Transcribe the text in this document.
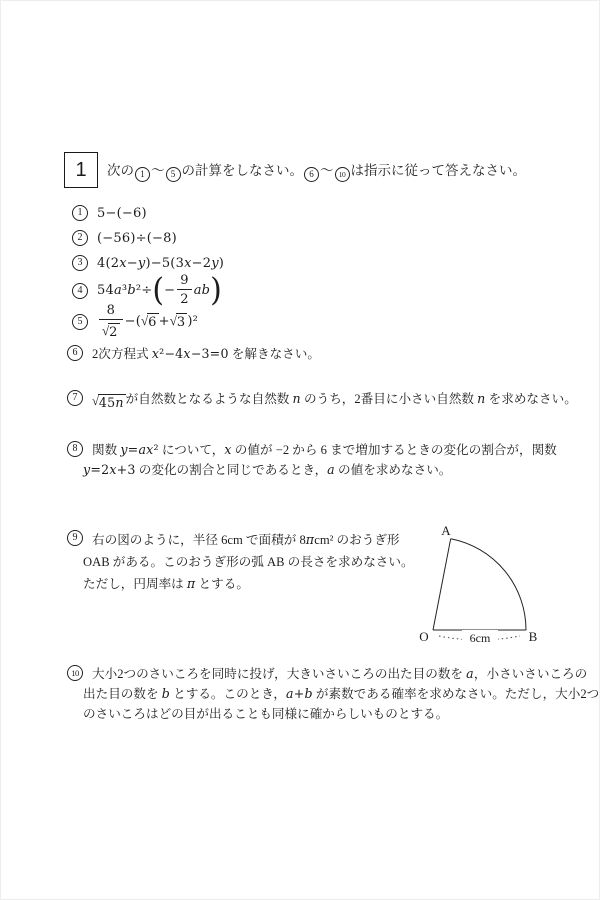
1 次の 1 ～ 5 の計算をしなさい。 6 ～ 10 は指示に従って答えなさい。
1	5−(−6)
2	(−56)÷(−8)
3	4(2x−y)−5(3x−2y)
4	54a³b²÷ ( − $\frac{9}{2}$ ab )
5	$\frac{8}{√ 2}$ −( √ 6 + √ 3 )²
6	2次方程式 x²−4x−3=0 を解きなさい。
7	√ 45n が自然数となるような自然数 n のうち，2番目に小さい自然数 n を求めなさい。
8	関数 y=ax² について，x の値が −2 から 6 まで増加するときの変化の割合が，関数
y=2x+3 の変化の割合と同じであるとき，a の値を求めなさい。
9	右の図のように，半径 6cm で面積が 8πcm² のおうぎ形
OAB がある。このおうぎ形の弧 AB の長さを求めなさい。
ただし，円周率は π とする。
A
O	B
6cm
10	大小2つのさいころを同時に投げ，大きいさいころの出た目の数を a，小さいさいころの
出た目の数を b とする。このとき，a+b が素数である確率を求めなさい。ただし，大小2つ
のさいころはどの目が出ることも同様に確からしいものとする。
